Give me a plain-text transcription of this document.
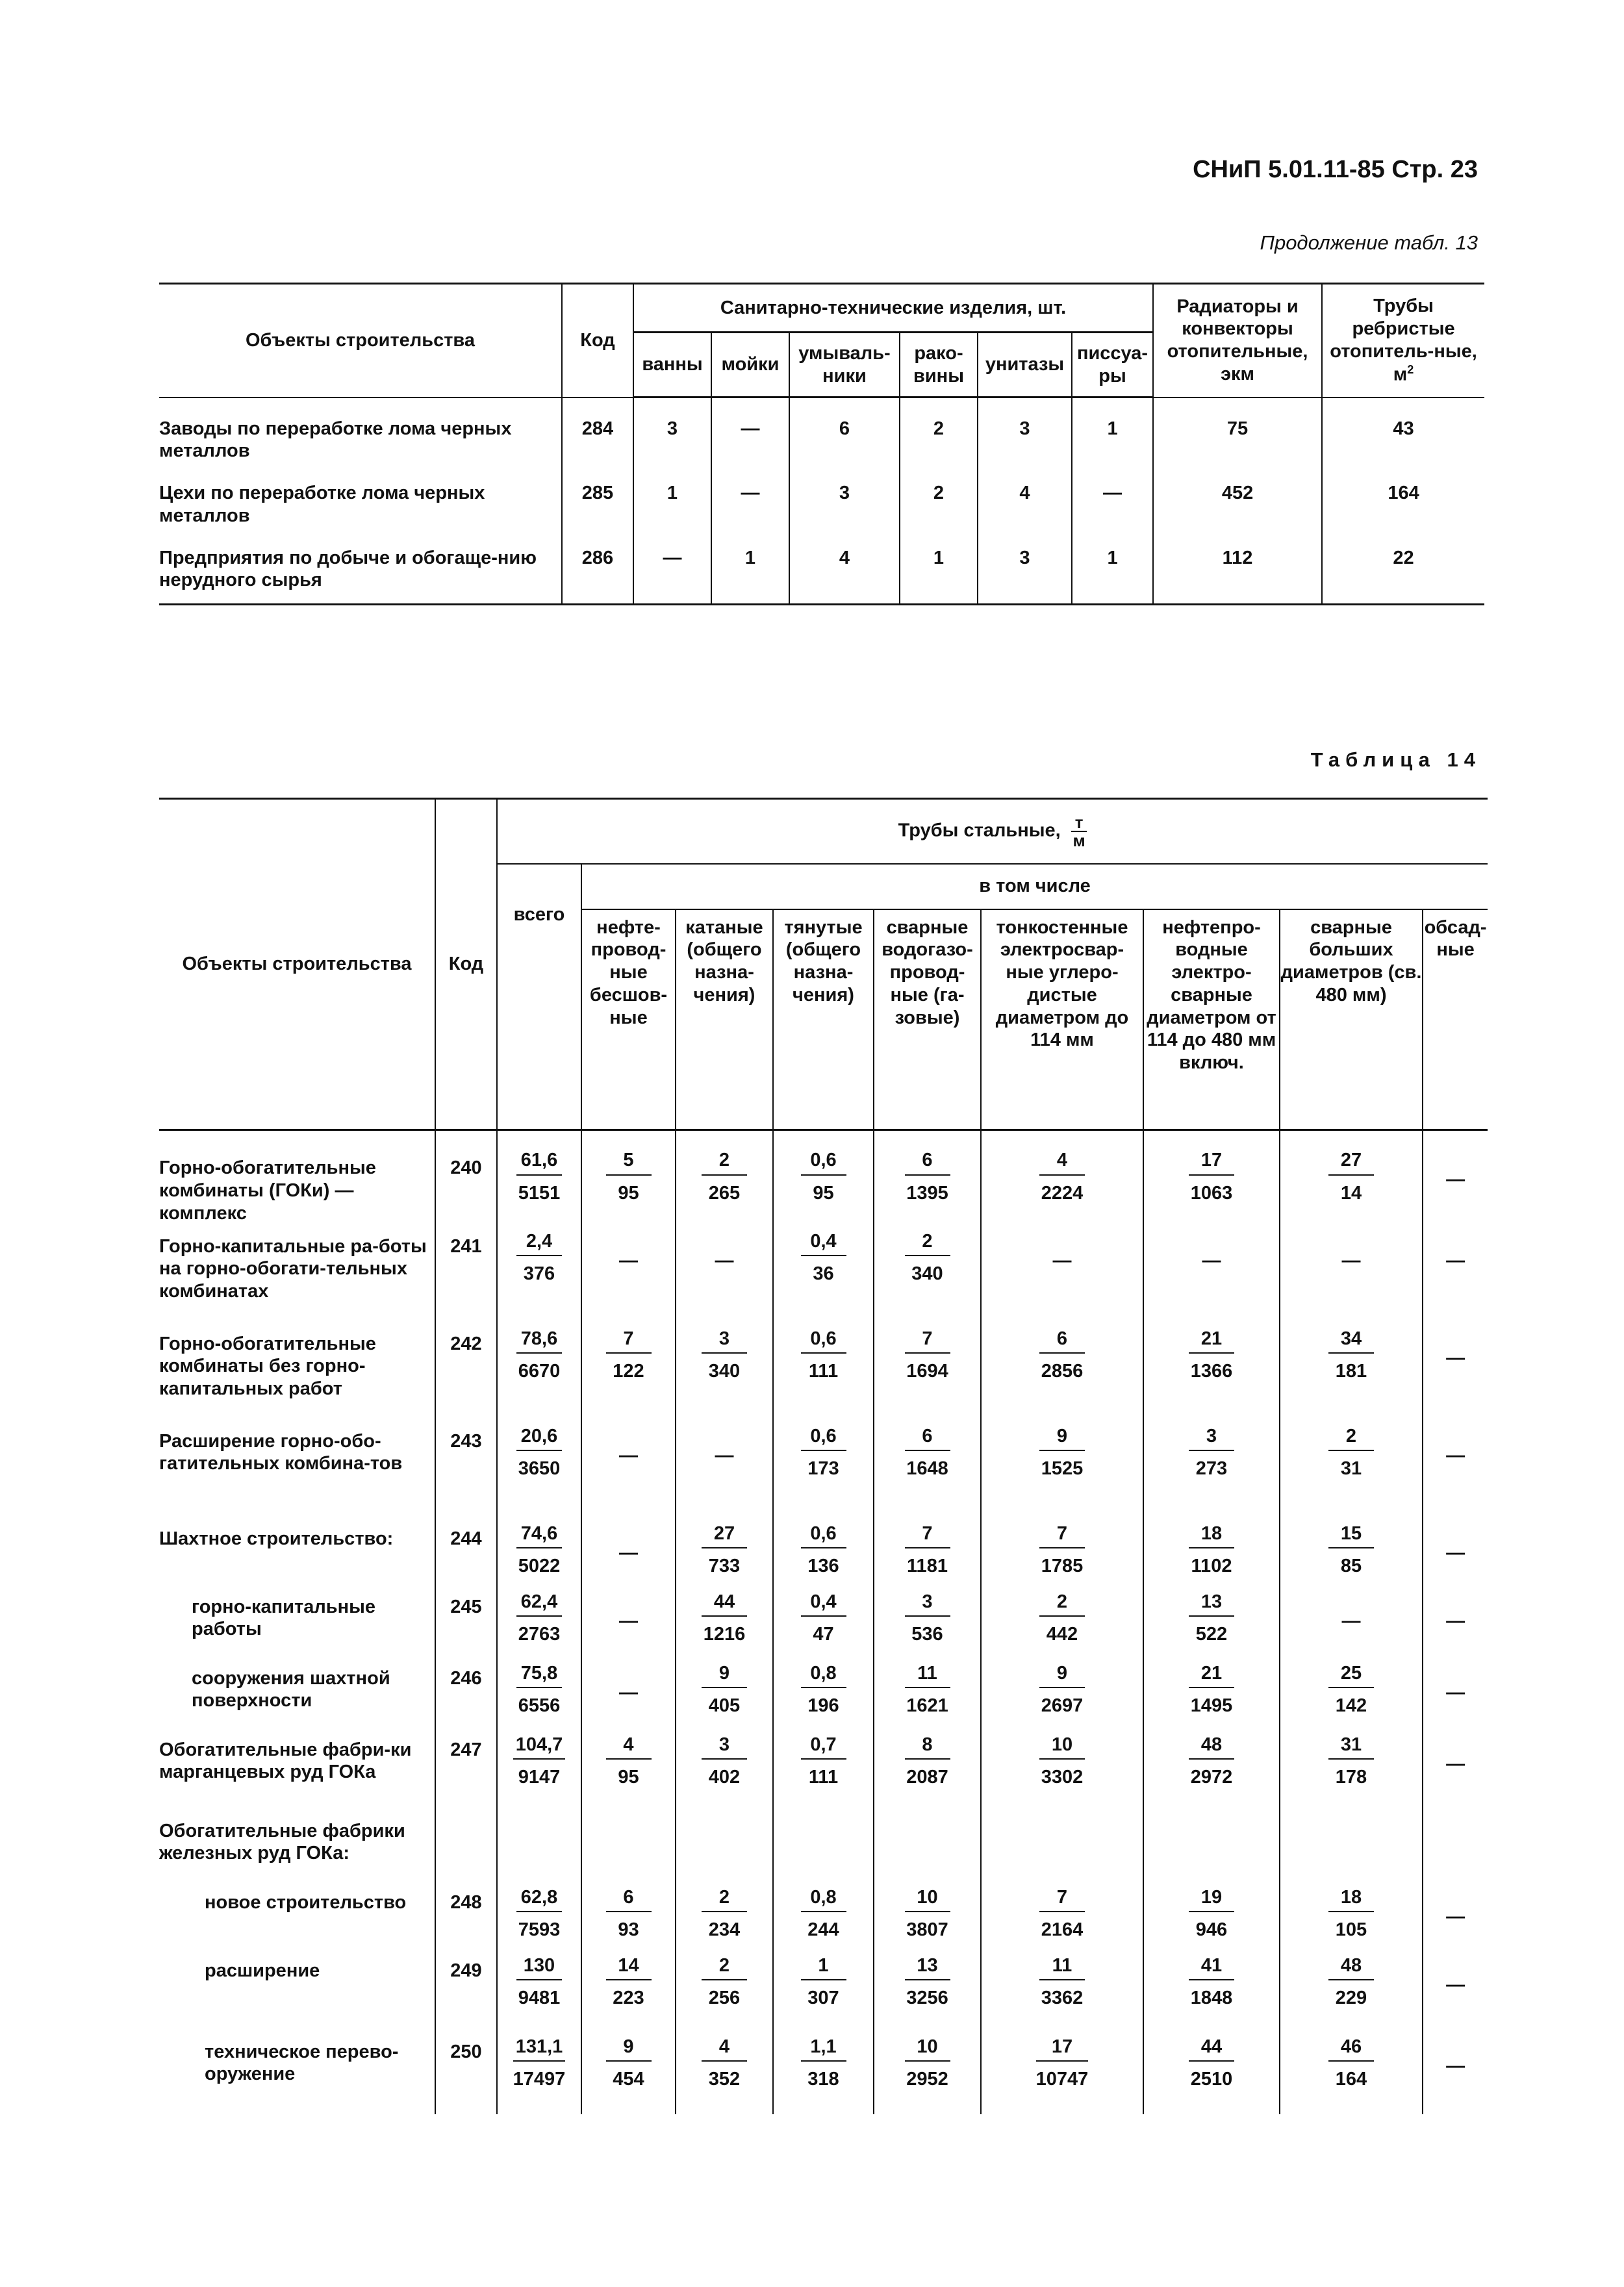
СНиП 5.01.11-85 Стр. 23
Продолжение табл. 13
Объекты строительства	Код	Санитарно-технические изделия, шт.						Радиаторы и конвекторы отопительные, экм	Трубы ребристые отопитель-ные, $м^2$
		ванны	мойки	умываль-ники	рако-вины	унитазы	писсуа-ры		
Заводы по переработке лома черных металлов	284	3	—	6	2	3	1	75	43
Цехи по переработке лома черных металлов	285	1	—	3	2	4	—	452	164
Предприятия по добыче и обогаще-нию нерудного сырья	286	—	1	4	1	3	1	112	22
Таблица 14
Объекты строительства	Код	Трубы стальные, т
м								

		всего	в том числе							
			нефте-провод-ные бесшов-ные	катаные (общего назна-чения)	тянутые (общего назна-чения)	сварные водогазо-провод-ные (га-зовые)	тонкостенные электросвар-ные углеро-дистые диаметром до 114 мм	нефтепро-водные электро-сварные диаметром от 114 до 480 мм включ.	сварные больших диаметров (св. 480 мм)	обсад-ные
Горно-обогатительные комбинаты (ГОКи) — комплекс	240	$\frac{61,6}{5151}$	$\frac{5}{95}$	$\frac{2}{265}$	$\frac{0,6}{95}$	$\frac{6}{1395}$	$\frac{4}{2224}$	$\frac{17}{1063}$	$\frac{27}{14}$	—
Горно-капитальные ра-боты на горно-обогати-тельных комбинатах	241	$\frac{2,4}{376}$	—	—	$\frac{0,4}{36}$	$\frac{2}{340}$	—	—	—	—
Горно-обогатительные комбинаты без горно-капитальных работ	242	$\frac{78,6}{6670}$	$\frac{7}{122}$	$\frac{3}{340}$	$\frac{0,6}{111}$	$\frac{7}{1694}$	$\frac{6}{2856}$	$\frac{21}{1366}$	$\frac{34}{181}$	—
Расширение горно-обо-гатительных комбина-тов	243	$\frac{20,6}{3650}$	—	—	$\frac{0,6}{173}$	$\frac{6}{1648}$	$\frac{9}{1525}$	$\frac{3}{273}$	$\frac{2}{31}$	—
Шахтное строительство:	244	$\frac{74,6}{5022}$	—	$\frac{27}{733}$	$\frac{0,6}{136}$	$\frac{7}{1181}$	$\frac{7}{1785}$	$\frac{18}{1102}$	$\frac{15}{85}$	—
горно-капитальные работы	245	$\frac{62,4}{2763}$	—	$\frac{44}{1216}$	$\frac{0,4}{47}$	$\frac{3}{536}$	$\frac{2}{442}$	$\frac{13}{522}$	—	—
сооружения шахтной поверхности	246	$\frac{75,8}{6556}$	—	$\frac{9}{405}$	$\frac{0,8}{196}$	$\frac{11}{1621}$	$\frac{9}{2697}$	$\frac{21}{1495}$	$\frac{25}{142}$	—
Обогатительные фабри-ки марганцевых руд ГОКа	247	$\frac{104,7}{9147}$	$\frac{4}{95}$	$\frac{3}{402}$	$\frac{0,7}{111}$	$\frac{8}{2087}$	$\frac{10}{3302}$	$\frac{48}{2972}$	$\frac{31}{178}$	—
Обогатительные фабрики железных руд ГОКа:										
новое строительство	248	$\frac{62,8}{7593}$	$\frac{6}{93}$	$\frac{2}{234}$	$\frac{0,8}{244}$	$\frac{10}{3807}$	$\frac{7}{2164}$	$\frac{19}{946}$	$\frac{18}{105}$	—
расширение	249	$\frac{130}{9481}$	$\frac{14}{223}$	$\frac{2}{256}$	$\frac{1}{307}$	$\frac{13}{3256}$	$\frac{11}{3362}$	$\frac{41}{1848}$	$\frac{48}{229}$	—
техническое перево-оружение	250	$\frac{131,1}{17497}$	$\frac{9}{454}$	$\frac{4}{352}$	$\frac{1,1}{318}$	$\frac{10}{2952}$	$\frac{17}{10747}$	$\frac{44}{2510}$	$\frac{46}{164}$	—
